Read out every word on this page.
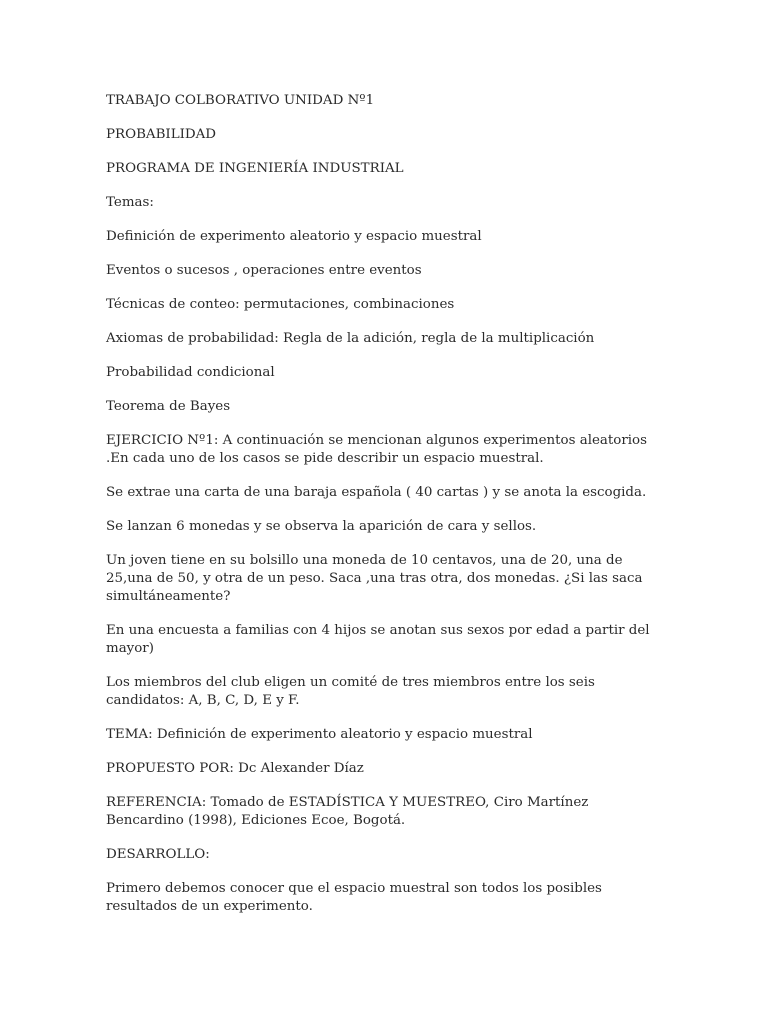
TRABAJO COLBORATIVO UNIDAD Nº1

PROBABILIDAD

PROGRAMA DE INGENIERÍA INDUSTRIAL

Temas:

Definición de experimento aleatorio y espacio muestral

Eventos o sucesos , operaciones entre eventos

Técnicas de conteo: permutaciones, combinaciones

Axiomas de probabilidad: Regla de la adición, regla de la multiplicación

Probabilidad condicional

Teorema de Bayes

EJERCICIO Nº1: A continuación se mencionan algunos experimentos aleatorios .En cada uno de los casos se pide describir un espacio muestral.

Se extrae una carta de una baraja española ( 40 cartas ) y se anota la escogida.

Se lanzan 6 monedas y se observa la aparición de cara y sellos.

Un joven tiene en su bolsillo una moneda de 10 centavos, una de 20, una de 25,una de 50, y otra de un peso. Saca ,una tras otra, dos monedas. ¿Si las saca simultáneamente?

En una encuesta a familias con 4 hijos se anotan sus sexos por edad a partir del mayor)

Los miembros del club eligen un comité de tres miembros entre los seis candidatos: A, B, C, D, E y F.

TEMA: Definición de experimento aleatorio y espacio muestral

PROPUESTO POR: Dc Alexander Díaz

REFERENCIA: Tomado de ESTADÍSTICA Y MUESTREO, Ciro Martínez Bencardino (1998), Ediciones Ecoe, Bogotá.

DESARROLLO:

Primero debemos conocer que el espacio muestral son todos los posibles resultados de un experimento.
